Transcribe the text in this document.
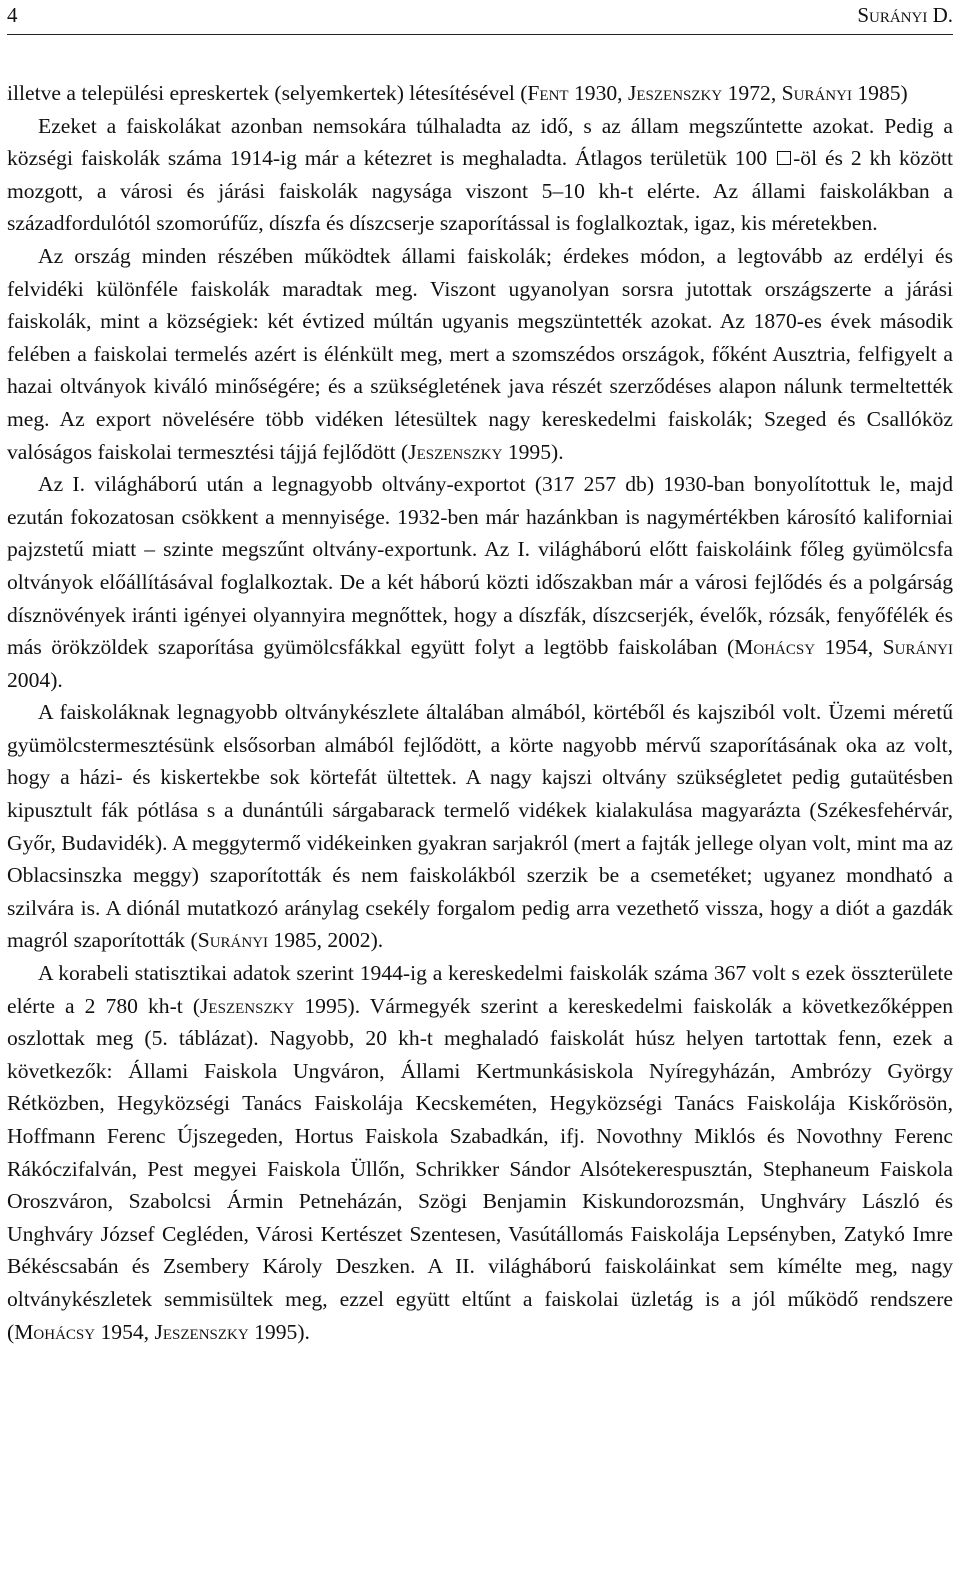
4	Surányi D.

illetve a települési epreskertek (selyemkertek) létesítésével (Fent 1930, Jeszenszky 1972, Surányi 1985)

Ezeket a faiskolákat azonban nemsokára túlhaladta az idő, s az állam megszűntette azokat. Pedig a községi faiskolák száma 1914-ig már a kétezret is meghaladta. Átlagos területük 100 -öl és 2 kh között mozgott, a városi és járási faiskolák nagysága viszont 5–10 kh-t elérte. Az állami faiskolákban a századfordulótól szomorúfűz, díszfa és díszcserje szaporítással is foglalkoztak, igaz, kis méretekben.

Az ország minden részében működtek állami faiskolák; érdekes módon, a legtovább az erdélyi és felvidéki különféle faiskolák maradtak meg. Viszont ugyanolyan sorsra jutottak országszerte a járási faiskolák, mint a községiek: két évtized múltán ugyanis megszüntették azokat. Az 1870-es évek második felében a faiskolai termelés azért is élénkült meg, mert a szomszédos országok, főként Ausztria, felfigyelt a hazai oltványok kiváló minőségére; és a szükségletének java részét szerződéses alapon nálunk termeltették meg. Az export növelésére több vidéken létesültek nagy kereskedelmi faiskolák; Szeged és Csallóköz valóságos faiskolai termesztési tájjá fejlődött (Jeszenszky 1995).

Az I. világháború után a legnagyobb oltvány-exportot (317 257 db) 1930-ban bonyolítottuk le, majd ezután fokozatosan csökkent a mennyisége. 1932-ben már hazánkban is nagymértékben károsító kaliforniai pajzstetű miatt – szinte megszűnt oltvány-exportunk. Az I. világháború előtt faiskoláink főleg gyümölcsfa oltványok előállításával foglalkoztak. De a két háború közti időszakban már a városi fejlődés és a polgárság dísznövények iránti igényei olyannyira megnőttek, hogy a díszfák, díszcserjék, évelők, rózsák, fenyőfélék és más örökzöldek szaporítása gyümölcsfákkal együtt folyt a legtöbb faiskolában (Mohácsy 1954, Surányi 2004).

A faiskoláknak legnagyobb oltványkészlete általában almából, körtéből és kajsziból volt. Üzemi méretű gyümölcstermesztésünk elsősorban almából fejlődött, a körte nagyobb mérvű szaporításának oka az volt, hogy a házi- és kiskertekbe sok körtefát ültettek. A nagy kajszi oltvány szükségletet pedig gutaütésben kipusztult fák pótlása s a dunántúli sárgabarack termelő vidékek kialakulása magyarázta (Székesfehérvár, Győr, Budavidék). A meggytermő vidékeinken gyakran sarjakról (mert a fajták jellege olyan volt, mint ma az Oblacsinszka meggy) szaporították és nem faiskolákból szerzik be a csemetéket; ugyanez mondható a szilvára is. A diónál mutatkozó aránylag csekély forgalom pedig arra vezethető vissza, hogy a diót a gazdák magról szaporították (Surányi 1985, 2002).

A korabeli statisztikai adatok szerint 1944-ig a kereskedelmi faiskolák száma 367 volt s ezek összterülete elérte a 2 780 kh-t (Jeszenszky 1995). Vármegyék szerint a kereskedelmi faiskolák a következőképpen oszlottak meg (5. táblázat). Nagyobb, 20 kh-t meghaladó faiskolát húsz helyen tartottak fenn, ezek a következők: Állami Faiskola Ungváron, Állami Kertmunkásiskola Nyíregyházán, Ambrózy György Rétközben, Hegyközségi Tanács Faiskolája Kecskeméten, Hegyközségi Tanács Faiskolája Kiskőrösön, Hoffmann Ferenc Újszegeden, Hortus Faiskola Szabadkán, ifj. Novothny Miklós és Novothny Ferenc Rákóczifalván, Pest megyei Faiskola Üllőn, Schrikker Sándor Alsótekerespusztán, Stephaneum Faiskola Oroszváron, Szabolcsi Ármin Petneházán, Szögi Benjamin Kiskundorozsmán, Unghváry László és Unghváry József Cegléden, Városi Kertészet Szentesen, Vasútállomás Faiskolája Lepsényben, Zatykó Imre Békéscsabán és Zsembery Károly Deszken. A II. világháború faiskoláinkat sem kímélte meg, nagy oltványkészletek semmisültek meg, ezzel együtt eltűnt a faiskolai üzletág is a jól működő rendszere (Mohácsy 1954, Jeszenszky 1995).
